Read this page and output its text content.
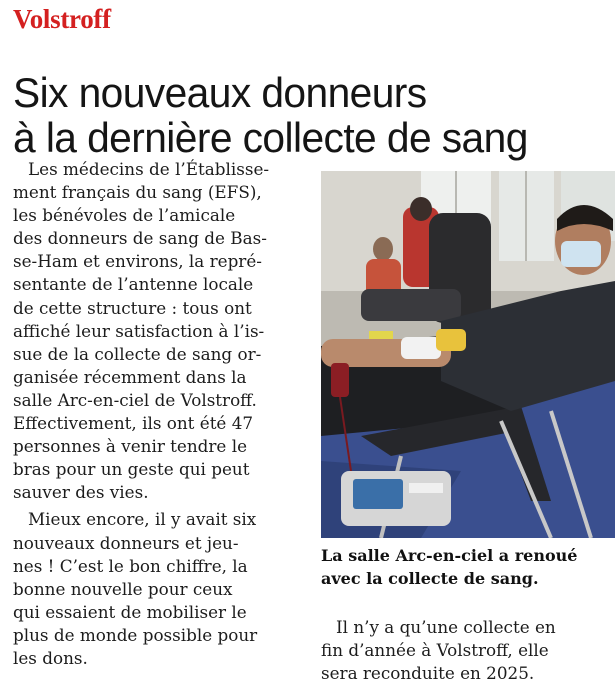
Volstroff
Six nouveaux donneurs
à la dernière collecte de sang

Les médecins de l’Établisse-
ment français du sang (EFS),
les bénévoles de l’amicale
des donneurs de sang de Bas-
se-Ham et environs, la repré-
sentante de l’antenne locale
de cette structure : tous ont
affiché leur satisfaction à l’is-
sue de la collecte de sang or-
ganisée récemment dans la
salle Arc-en-ciel de Volstroff.
Effectivement, ils ont été 47
personnes à venir tendre le
bras pour un geste qui peut
sauver des vies.

Mieux encore, il y avait six
nouveaux donneurs et jeu-
nes ! C’est le bon chiffre, la
bonne nouvelle pour ceux
qui essaient de mobiliser le
plus de monde possible pour
les dons.

La salle Arc-en-ciel a renoué
avec la collecte de sang.

Il n’y a qu’une collecte en
fin d’année à Volstroff, elle
sera reconduite en 2025.
